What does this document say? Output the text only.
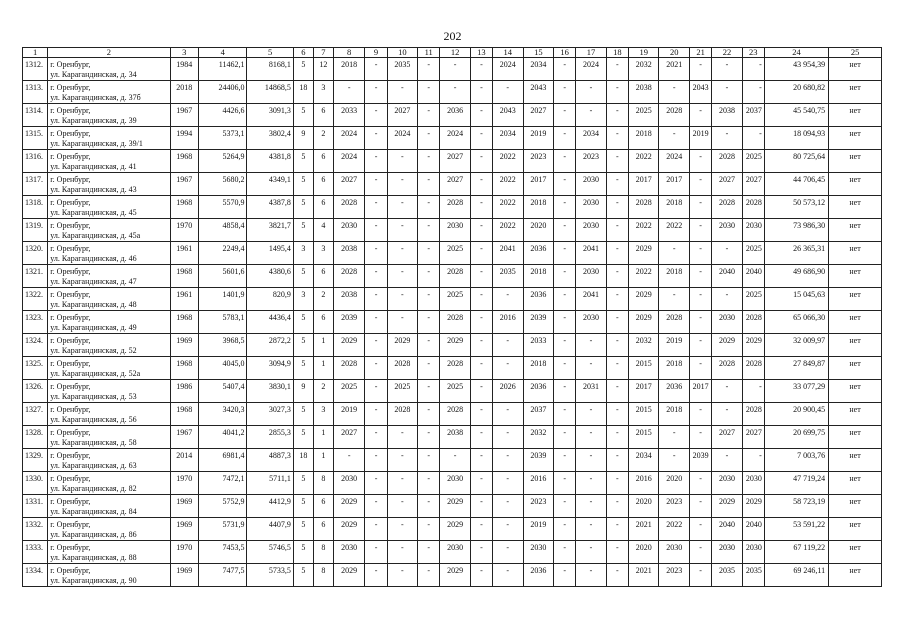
202
1	2	3	4	5	6	7	8	9	10	11	12	13	14	15	16	17	18	19	20	21	22	23	24	25
1312.	г. Оренбург,
ул. Карагандинская, д. 34	1984	11462,1	8168,1	5	12	2018	-	2035	-	-	-	2024	2034	-	2024	-	2032	2021	-	-	-	43 954,39	нет
1313.	г. Оренбург,
ул. Карагандинская, д. 37б	2018	24406,0	14868,5	18	3	-	-	-	-	-	-	-	2043	-	-	-	2038	-	2043	-	-	20 680,82	нет
1314.	г. Оренбург,
ул. Карагандинская, д. 39	1967	4426,6	3091,3	5	6	2033	-	2027	-	2036	-	2043	2027	-	-	-	2025	2028	-	2038	2037	45 540,75	нет
1315.	г. Оренбург,
ул. Карагандинская, д. 39/1	1994	5373,1	3802,4	9	2	2024	-	2024	-	2024	-	2034	2019	-	2034	-	2018	-	2019	-	-	18 094,93	нет
1316.	г. Оренбург,
ул. Карагандинская, д. 41	1968	5264,9	4381,8	5	6	2024	-	-	-	2027	-	2022	2023	-	2023	-	2022	2024	-	2028	2025	80 725,64	нет
1317.	г. Оренбург,
ул. Карагандинская, д. 43	1967	5680,2	4349,1	5	6	2027	-	-	-	2027	-	2022	2017	-	2030	-	2017	2017	-	2027	2027	44 706,45	нет
1318.	г. Оренбург,
ул. Карагандинская, д. 45	1968	5570,9	4387,8	5	6	2028	-	-	-	2028	-	2022	2018	-	2030	-	2028	2018	-	2028	2028	50 573,12	нет
1319.	г. Оренбург,
ул. Карагандинская, д. 45а	1970	4858,4	3821,7	5	4	2030	-	-	-	2030	-	2022	2020	-	2030	-	2022	2022	-	2030	2030	73 986,30	нет
1320.	г. Оренбург,
ул. Карагандинская, д. 46	1961	2249,4	1495,4	3	3	2038	-	-	-	2025	-	2041	2036	-	2041	-	2029	-	-	-	2025	26 365,31	нет
1321.	г. Оренбург,
ул. Карагандинская, д. 47	1968	5601,6	4380,6	5	6	2028	-	-	-	2028	-	2035	2018	-	2030	-	2022	2018	-	2040	2040	49 686,90	нет
1322.	г. Оренбург,
ул. Карагандинская, д. 48	1961	1401,9	820,9	3	2	2038	-	-	-	2025	-	-	2036	-	2041	-	2029	-	-	-	2025	15 045,63	нет
1323.	г. Оренбург,
ул. Карагандинская, д. 49	1968	5783,1	4436,4	5	6	2039	-	-	-	2028	-	2016	2039	-	2030	-	2029	2028	-	2030	2028	65 066,30	нет
1324.	г. Оренбург,
ул. Карагандинская, д. 52	1969	3968,5	2872,2	5	1	2029	-	2029	-	2029	-	-	2033	-	-	-	2032	2019	-	2029	2029	32 009,97	нет
1325.	г. Оренбург,
ул. Карагандинская, д. 52а	1968	4045,0	3094,9	5	1	2028	-	2028	-	2028	-	-	2018	-	-	-	2015	2018	-	2028	2028	27 849,87	нет
1326.	г. Оренбург,
ул. Карагандинская, д. 53	1986	5407,4	3830,1	9	2	2025	-	2025	-	2025	-	2026	2036	-	2031	-	2017	2036	2017	-	-	33 077,29	нет
1327.	г. Оренбург,
ул. Карагандинская, д. 56	1968	3420,3	3027,3	5	3	2019	-	2028	-	2028	-	-	2037	-	-	-	2015	2018	-	-	2028	20 900,45	нет
1328.	г. Оренбург,
ул. Карагандинская, д. 58	1967	4041,2	2855,3	5	1	2027	-	-	-	2038	-	-	2032	-	-	-	2015	-	-	2027	2027	20 699,75	нет
1329.	г. Оренбург,
ул. Карагандинская, д. 63	2014	6981,4	4887,3	18	1	-	-	-	-	-	-	-	2039	-	-	-	2034	-	2039	-	-	7 003,76	нет
1330.	г. Оренбург,
ул. Карагандинская, д. 82	1970	7472,1	5711,1	5	8	2030	-	-	-	2030	-	-	2016	-	-	-	2016	2020	-	2030	2030	47 719,24	нет
1331.	г. Оренбург,
ул. Карагандинская, д. 84	1969	5752,9	4412,9	5	6	2029	-	-	-	2029	-	-	2023	-	-	-	2020	2023	-	2029	2029	58 723,19	нет
1332.	г. Оренбург,
ул. Карагандинская, д. 86	1969	5731,9	4407,9	5	6	2029	-	-	-	2029	-	-	2019	-	-	-	2021	2022	-	2040	2040	53 591,22	нет
1333.	г. Оренбург,
ул. Карагандинская, д. 88	1970	7453,5	5746,5	5	8	2030	-	-	-	2030	-	-	2030	-	-	-	2020	2030	-	2030	2030	67 119,22	нет
1334.	г. Оренбург,
ул. Карагандинская, д. 90	1969	7477,5	5733,5	5	8	2029	-	-	-	2029	-	-	2036	-	-	-	2021	2023	-	2035	2035	69 246,11	нет
